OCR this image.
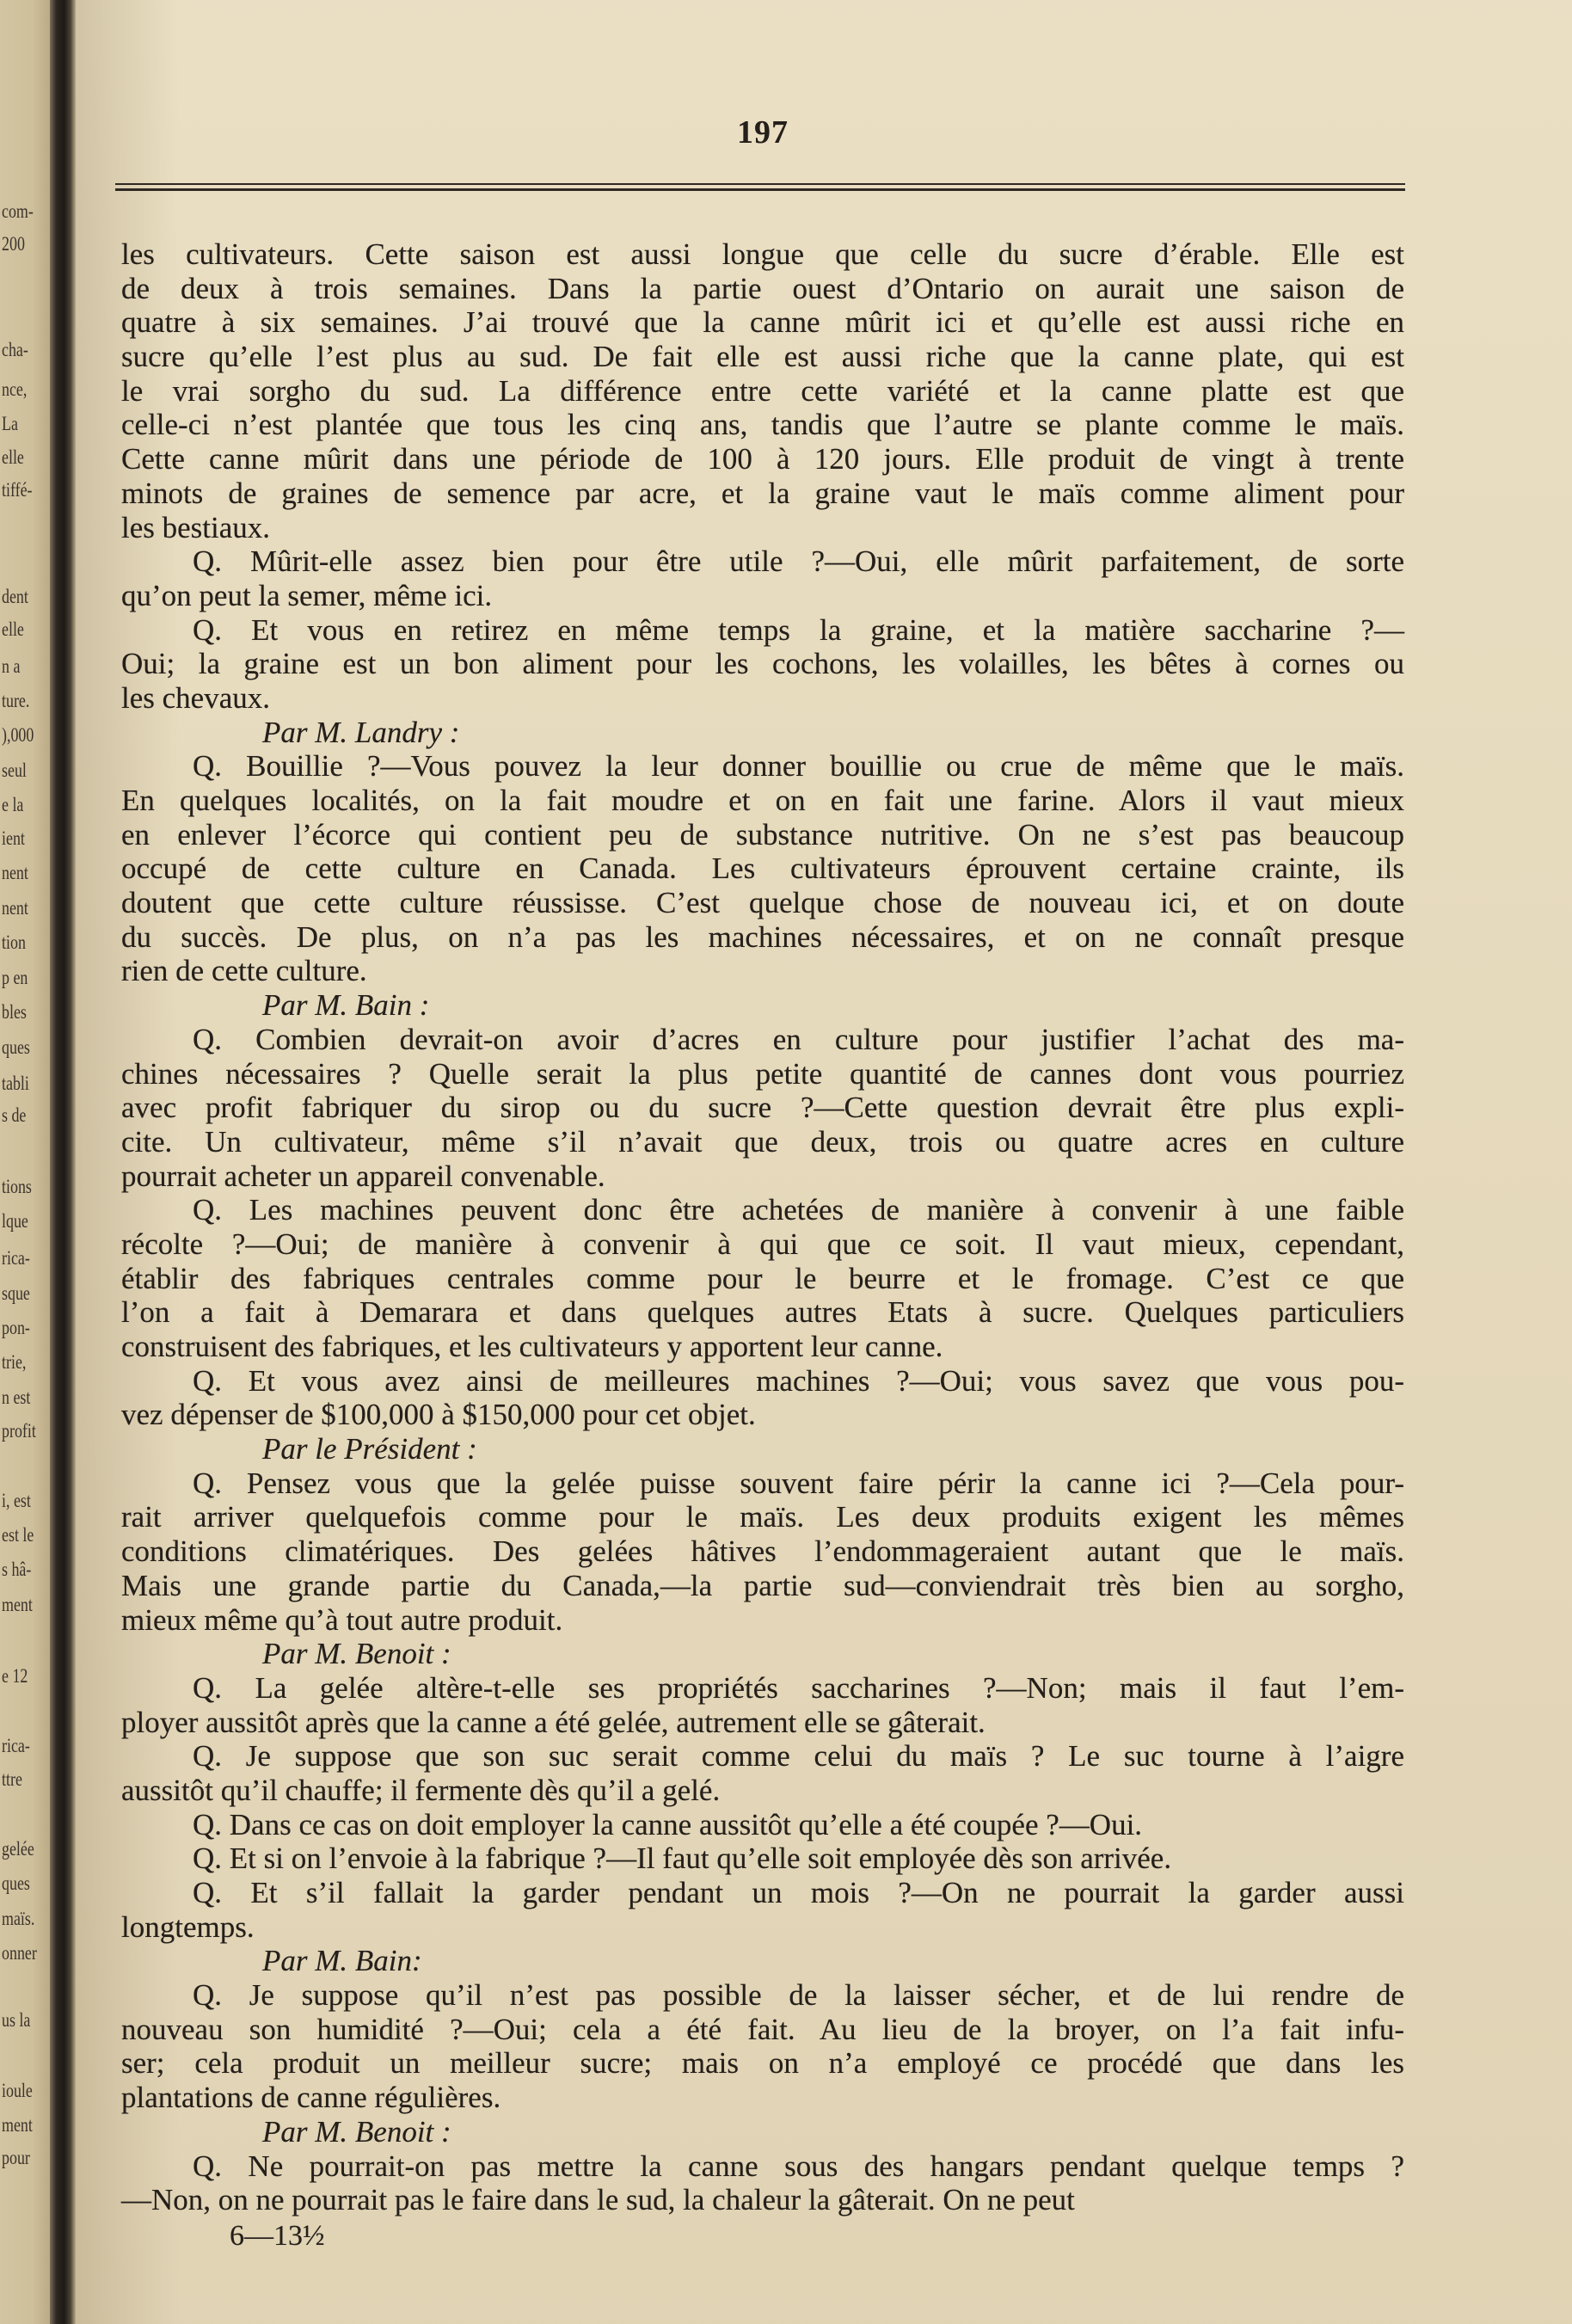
com-
200
cha-
nce,
La
elle
tiffé-
dent
elle
n a
ture.
),000
seul
e la
ient
nent
nent
tion
p en
bles
ques
tabli
s de
tions
lque
rica-
sque
pon-
trie,
n est
profit
i, est
est le
s hâ-
ment
e 12
rica-
ttre
gelée
ques
maïs.
onner
us la
ioule
ment
pour
197
les cultivateurs. Cette saison est aussi longue que celle du sucre d’érable. Elle est
de deux à trois semaines. Dans la partie ouest d’Ontario on aurait une saison de
quatre à six semaines. J’ai trouvé que la canne mûrit ici et qu’elle est aussi riche en
sucre qu’elle l’est plus au sud. De fait elle est aussi riche que la canne plate, qui est
le vrai sorgho du sud. La différence entre cette variété et la canne platte est que
celle-ci n’est plantée que tous les cinq ans, tandis que l’autre se plante comme le maïs.
Cette canne mûrit dans une période de 100 à 120 jours. Elle produit de vingt à trente
minots de graines de semence par acre, et la graine vaut le maïs comme aliment pour
les bestiaux.
Q. Mûrit-elle assez bien pour être utile ?—Oui, elle mûrit parfaitement, de sorte
qu’on peut la semer, même ici.
Q. Et vous en retirez en même temps la graine, et la matière saccharine ?—
Oui; la graine est un bon aliment pour les cochons, les volailles, les bêtes à cornes ou
les chevaux.
Par M. Landry :
Q. Bouillie ?—Vous pouvez la leur donner bouillie ou crue de même que le maïs.
En quelques localités, on la fait moudre et on en fait une farine. Alors il vaut mieux
en enlever l’écorce qui contient peu de substance nutritive. On ne s’est pas beaucoup
occupé de cette culture en Canada. Les cultivateurs éprouvent certaine crainte, ils
doutent que cette culture réussisse. C’est quelque chose de nouveau ici, et on doute
du succès. De plus, on n’a pas les machines nécessaires, et on ne connaît presque
rien de cette culture.
Par M. Bain :
Q. Combien devrait-on avoir d’acres en culture pour justifier l’achat des ma-
chines nécessaires ? Quelle serait la plus petite quantité de cannes dont vous pourriez
avec profit fabriquer du sirop ou du sucre ?—Cette question devrait être plus expli-
cite. Un cultivateur, même s’il n’avait que deux, trois ou quatre acres en culture
pourrait acheter un appareil convenable.
Q. Les machines peuvent donc être achetées de manière à convenir à une faible
récolte ?—Oui; de manière à convenir à qui que ce soit. Il vaut mieux, cependant,
établir des fabriques centrales comme pour le beurre et le fromage. C’est ce que
l’on a fait à Demarara et dans quelques autres Etats à sucre. Quelques particuliers
construisent des fabriques, et les cultivateurs y apportent leur canne.
Q. Et vous avez ainsi de meilleures machines ?—Oui; vous savez que vous pou-
vez dépenser de $100,000 à $150,000 pour cet objet.
Par le Président :
Q. Pensez vous que la gelée puisse souvent faire périr la canne ici ?—Cela pour-
rait arriver quelquefois comme pour le maïs. Les deux produits exigent les mêmes
conditions climatériques. Des gelées hâtives l’endommageraient autant que le maïs.
Mais une grande partie du Canada,—la partie sud—conviendrait très bien au sorgho,
mieux même qu’à tout autre produit.
Par M. Benoit :
Q. La gelée altère-t-elle ses propriétés saccharines ?—Non; mais il faut l’em-
ployer aussitôt après que la canne a été gelée, autrement elle se gâterait.
Q. Je suppose que son suc serait comme celui du maïs ? Le suc tourne à l’aigre
aussitôt qu’il chauffe; il fermente dès qu’il a gelé.
Q. Dans ce cas on doit employer la canne aussitôt qu’elle a été coupée ?—Oui.
Q. Et si on l’envoie à la fabrique ?—Il faut qu’elle soit employée dès son arrivée.
Q. Et s’il fallait la garder pendant un mois ?—On ne pourrait la garder aussi
longtemps.
Par M. Bain:
Q. Je suppose qu’il n’est pas possible de la laisser sécher, et de lui rendre de
nouveau son humidité ?—Oui; cela a été fait. Au lieu de la broyer, on l’a fait infu-
ser; cela produit un meilleur sucre; mais on n’a employé ce procédé que dans les
plantations de canne régulières.
Par M. Benoit :
Q. Ne pourrait-on pas mettre la canne sous des hangars pendant quelque temps ?
—Non, on ne pourrait pas le faire dans le sud, la chaleur la gâterait. On ne peut
6—13½
